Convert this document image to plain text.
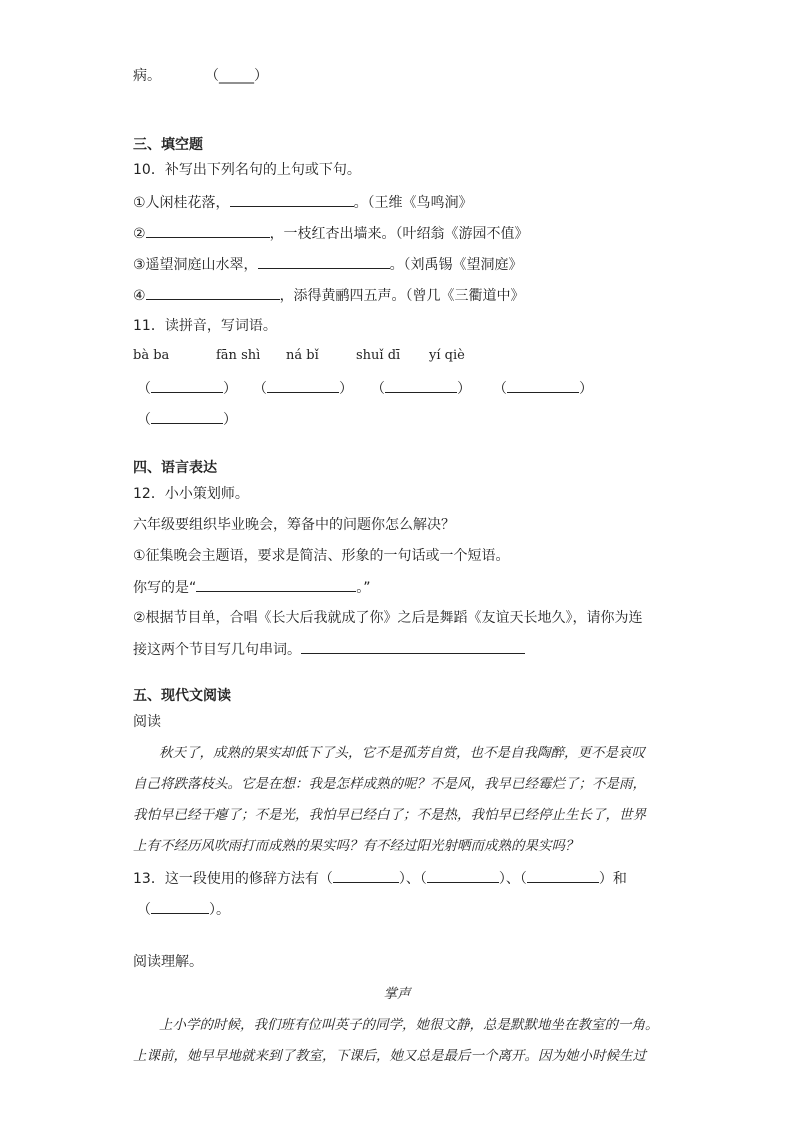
病。	（_____）
三、填空题
10．补写出下列名句的上句或下句。
①人闲桂花落，	。（王维《鸟鸣涧》
②	，一枝红杏出墙来。（叶绍翁《游园不值》
③遥望洞庭山水翠，	。（刘禹锡《望洞庭》
④	，添得黄鹂四五声。（曾几《三衢道中》
11．读拼音，写词语。
bà ba	fān shì ná bǐ	shuǐ dī yí qiè
（	） （	） （	） （	）
（	）
四、语言表达
12．小小策划师。
六年级要组织毕业晚会，筹备中的问题你怎么解决？
①征集晚会主题语，要求是简洁、形象的一句话或一个短语。
你写的是“	。”
②根据节目单，合唱《长大后我就成了你》之后是舞蹈《友谊天长地久》，请你为连
接这两个节目写几句串词。
五、现代文阅读
阅读
秋天了，成熟的果实却低下了头，它不是孤芳自赏，也不是自我陶醉，更不是哀叹
自己将跌落枝头。它是在想：我是怎样成熟的呢？不是风，我早已经霉烂了；不是雨，
我怕早已经干瘪了；不是光，我怕早已经白了；不是热，我怕早已经停止生长了，世界
上有不经历风吹雨打而成熟的果实吗？有不经过阳光射晒而成熟的果实吗？
13．这一段使用的修辞方法有（	）、（	）、（	）和
（	）。
阅读理解。
掌声
上小学的时候，我们班有位叫英子的同学，她很文静，总是默默地坐在教室的一角。
上课前，她早早地就来到了教室，下课后，她又总是最后一个离开。因为她小时候生过
